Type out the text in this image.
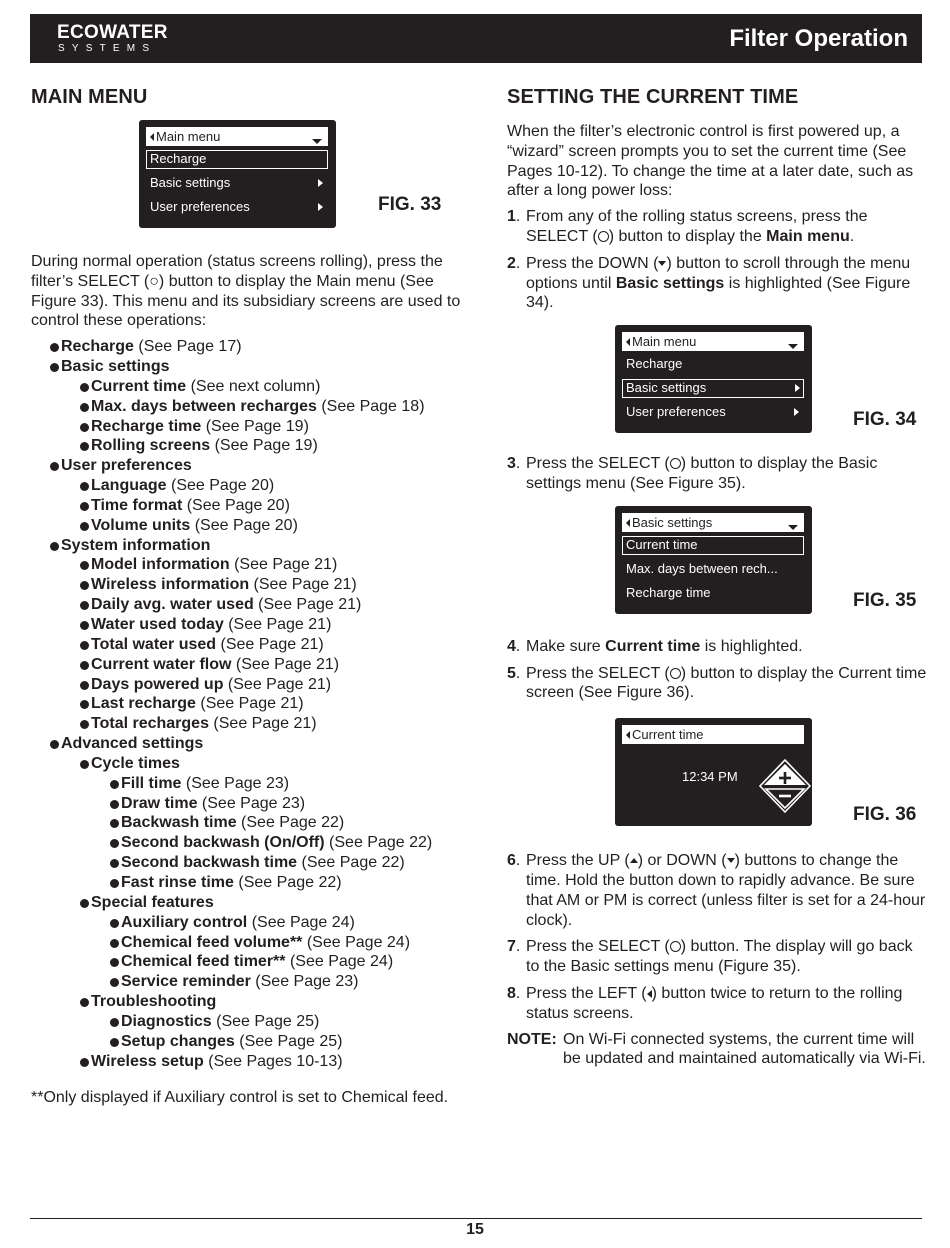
ECOWATER
SYSTEMS	Filter Operation
MAIN MENU
Main menu
Recharge
Basic settings
User preferences	FIG. 33

During normal operation (status screens rolling), press the filter’s SELECT (○) button to display the Main menu (See Figure 33). This menu and its subsidiary screens are used to control these operations:

Recharge (See Page 17)
Basic settings
Current time (See next column)
Max. days between recharges (See Page 18)
Recharge time (See Page 19)
Rolling screens (See Page 19)
User preferences
Language (See Page 20)
Time format (See Page 20)
Volume units (See Page 20)
System information
Model information (See Page 21)
Wireless information (See Page 21)
Daily avg. water used (See Page 21)
Water used today (See Page 21)
Total water used (See Page 21)
Current water flow (See Page 21)
Days powered up (See Page 21)
Last recharge (See Page 21)
Total recharges (See Page 21)
Advanced settings
Cycle times
Fill time (See Page 23)
Draw time (See Page 23)
Backwash time (See Page 22)
Second backwash (On/Off) (See Page 22)
Second backwash time (See Page 22)
Fast rinse time (See Page 22)
Special features
Auxiliary control (See Page 24)
Chemical feed volume** (See Page 24)
Chemical feed timer** (See Page 24)
Service reminder (See Page 23)
Troubleshooting
Diagnostics (See Page 25)
Setup changes (See Page 25)
Wireless setup (See Pages 10-13)

**Only displayed if Auxiliary control is set to Chemical feed.

SETTING THE CURRENT TIME

When the filter’s electronic control is first powered up, a “wizard” screen prompts you to set the current time (See Pages 10-12). To change the time at a later date, such as after a long power loss:

1. From any of the rolling status screens, press the SELECT ( ) button to display the Main menu.
2. Press the DOWN ( ) button to scroll through the menu options until Basic settings is highlighted (See Figure 34).
Main menu
Recharge
Basic settings
User preferences	FIG. 34
3. Press the SELECT ( ) button to display the Basic settings menu (See Figure 35).
Basic settings
Current time
Max. days between rech...
Recharge time	FIG. 35
4. Make sure Current time is highlighted.
5. Press the SELECT ( ) button to display the Current time screen (See Figure 36).
Current time
12:34 PM
FIG. 36
6. Press the UP ( ) or DOWN ( ) buttons to change the time. Hold the button down to rapidly advance. Be sure that AM or PM is correct (unless filter is set for a 24-hour clock).
7. Press the SELECT ( ) button. The display will go back to the Basic settings menu (Figure 35).
8. Press the LEFT ( ) button twice to return to the rolling status screens.
NOTE: On Wi-Fi connected systems, the current time will be updated and maintained automatically via Wi-Fi.
15
